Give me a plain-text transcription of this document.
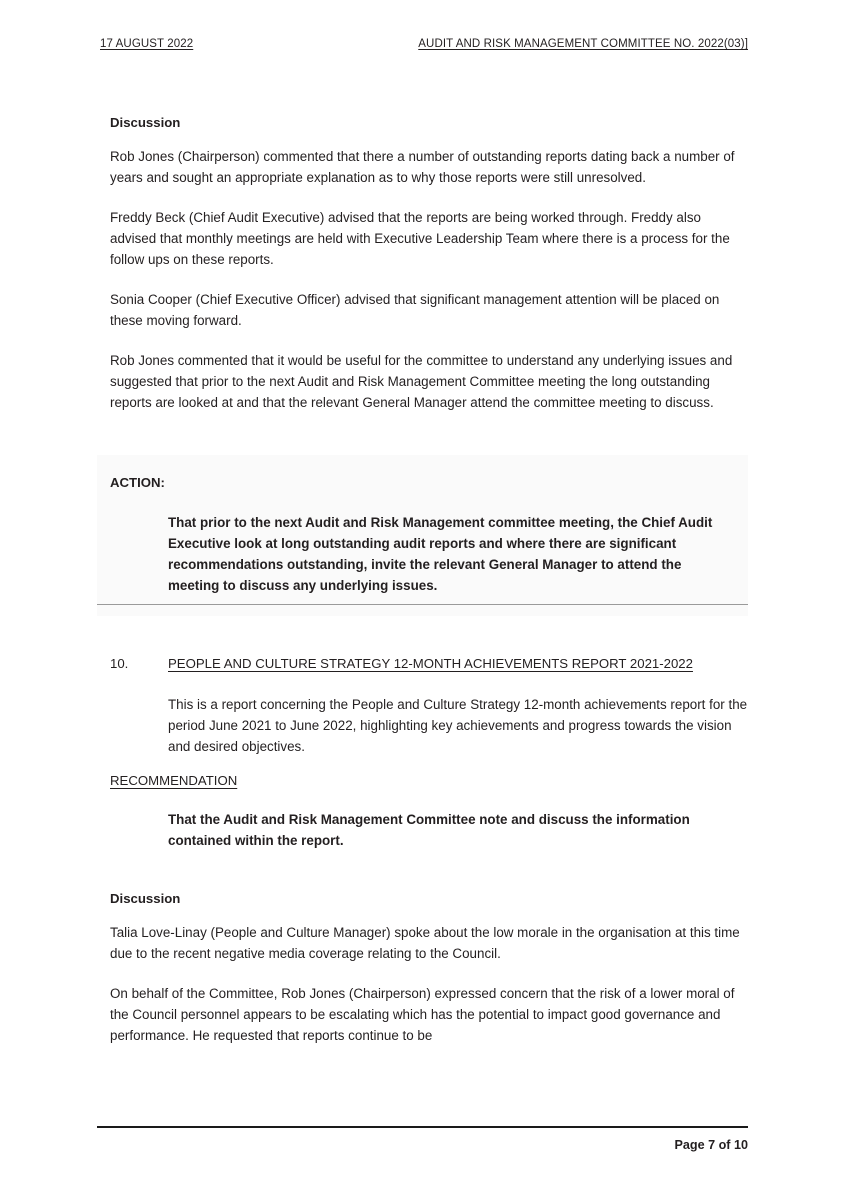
17 AUGUST 2022	AUDIT AND RISK MANAGEMENT COMMITTEE NO. 2022(03)]
Discussion

Rob Jones (Chairperson) commented that there a number of outstanding reports dating back a number of years and sought an appropriate explanation as to why those reports were still unresolved.

Freddy Beck (Chief Audit Executive) advised that the reports are being worked through. Freddy also advised that monthly meetings are held with Executive Leadership Team where there is a process for the follow ups on these reports.

Sonia Cooper (Chief Executive Officer) advised that significant management attention will be placed on these moving forward.

Rob Jones commented that it would be useful for the committee to understand any underlying issues and suggested that prior to the next Audit and Risk Management Committee meeting the long outstanding reports are looked at and that the relevant General Manager attend the committee meeting to discuss.

ACTION:
That prior to the next Audit and Risk Management committee meeting, the Chief Audit Executive look at long outstanding audit reports and where there are significant recommendations outstanding, invite the relevant General Manager to attend the meeting to discuss any underlying issues.
10.	PEOPLE AND CULTURE STRATEGY 12-MONTH ACHIEVEMENTS REPORT 2021-2022
This is a report concerning the People and Culture Strategy 12-month achievements report for the period June 2021 to June 2022, highlighting key achievements and progress towards the vision and desired objectives.
RECOMMENDATION
That the Audit and Risk Management Committee note and discuss the information contained within the report.
Discussion

Talia Love-Linay (People and Culture Manager) spoke about the low morale in the organisation at this time due to the recent negative media coverage relating to the Council.

On behalf of the Committee, Rob Jones (Chairperson) expressed concern that the risk of a lower moral of the Council personnel appears to be escalating which has the potential to impact good governance and performance. He requested that reports continue to be

Page 7 of 10
